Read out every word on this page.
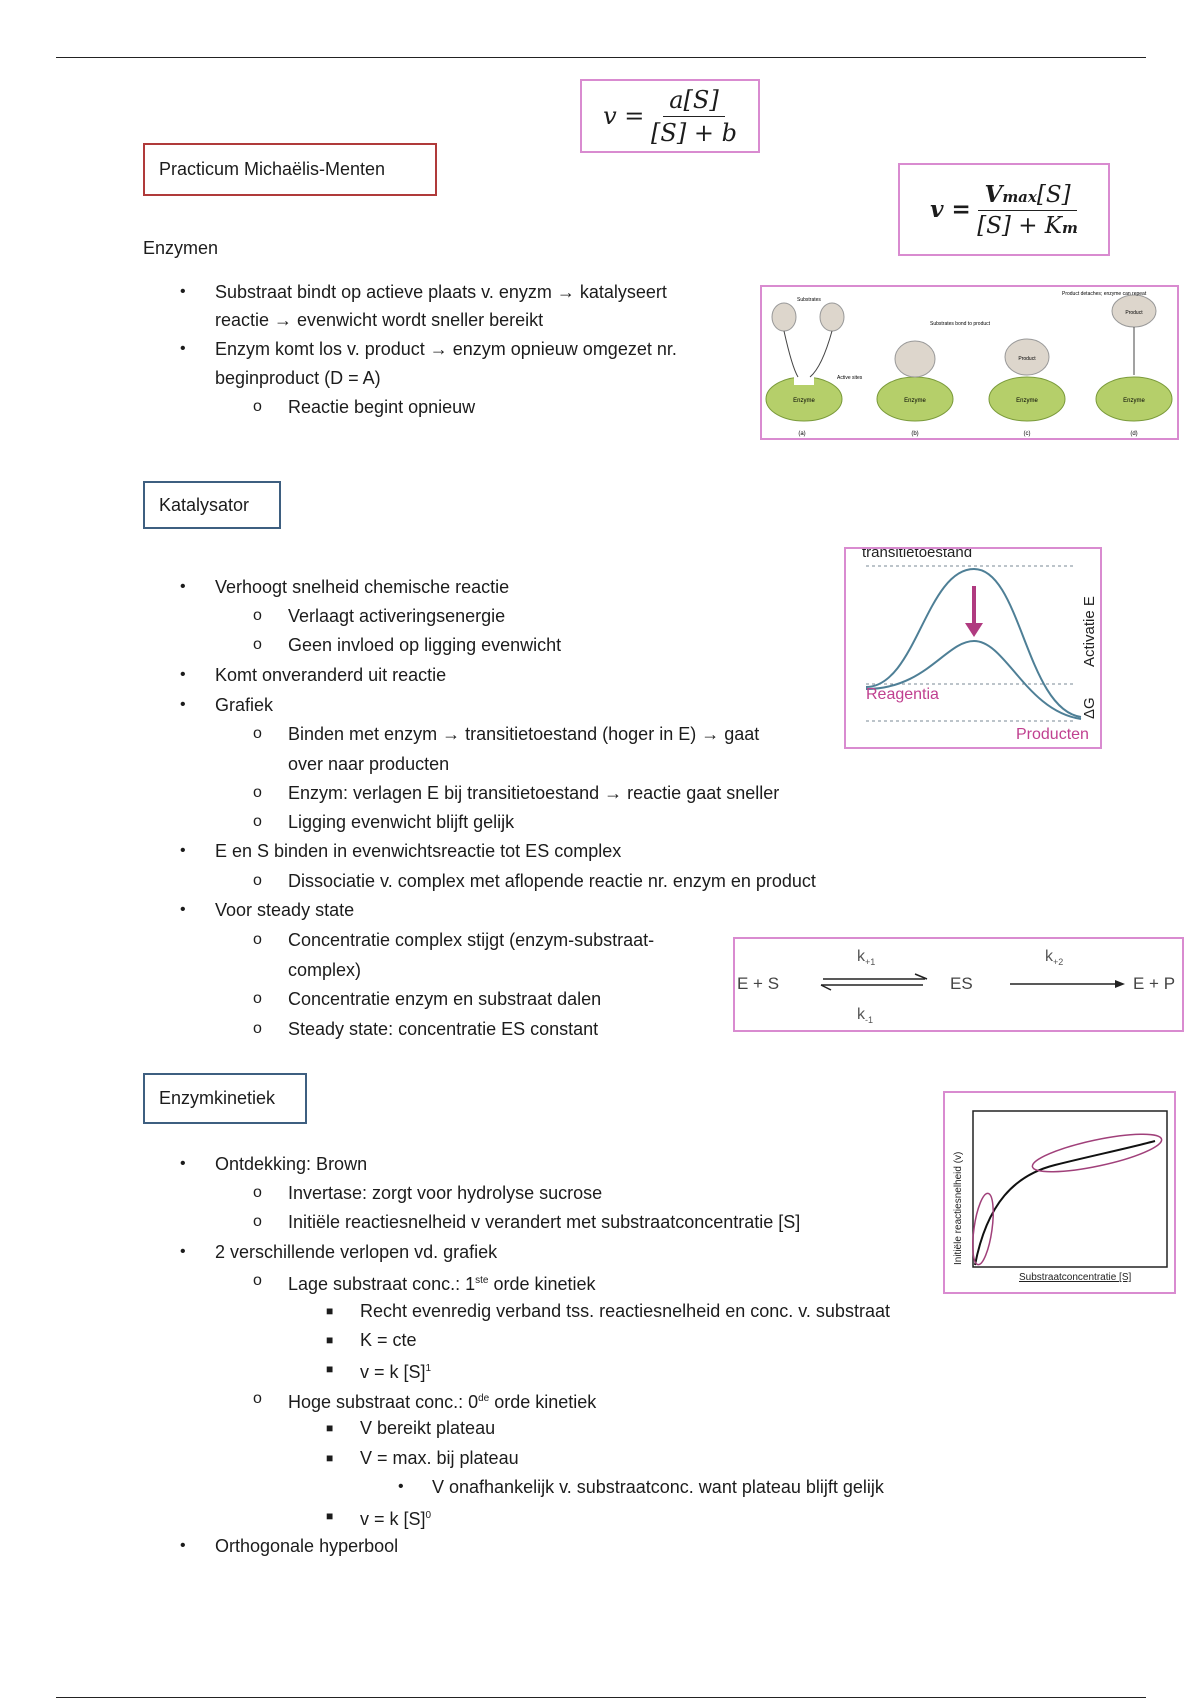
v =
$\frac{a[S]}{[S] + b}$
v =
$\frac{Vmax[S]}{[S] + Km}$
Practicum Michaëlis-Menten
Katalysator
Enzymkinetiek
Enzymen
• Substraat bindt op actieve plaats v. enyzm → katalyseert
reactie → evenwicht wordt sneller bereikt
• Enzym komt los v. product → enzym opnieuw omgezet nr.
beginproduct (D = A)
o Reactie begint opnieuw	Enzyme
Substrates
Active sites
(a)
Enzyme
Substrates bond to product
(b)
Enzyme
Product
(c)
Enzyme
Product
Product detaches; enzyme can repeat
(d)
• Verhoogt snelheid chemische reactie
o Verlaagt activeringsenergie
o Geen invloed op ligging evenwicht
• Komt onveranderd uit reactie
• Grafiek
o Binden met enzym → transitietoestand (hoger in E) → gaat
over naar producten
o Enzym: verlagen E bij transitietoestand → reactie gaat sneller
o Ligging evenwicht blijft gelijk
• E en S binden in evenwichtsreactie tot ES complex
o Dissociatie v. complex met aflopende reactie nr. enzym en product
• Voor steady state
o Concentratie complex stijgt (enzym-substraat-
complex)
o Concentratie enzym en substraat dalen
o Steady state: concentratie ES constant
transitietoestand
Reagentia
Producten
Activatie E
ΔG
E + S	ES	E + P
$k_{+1}$
$k_{-1}$
$k_{+2}$
Initiële reactiesnelheid (v)
Substraatconcentratie [S]
• Ontdekking: Brown
o Invertase: zorgt voor hydrolyse sucrose
o Initiële reactiesnelheid v verandert met substraatconcentratie [S]
• 2 verschillende verlopen vd. grafiek
o Lage substraat conc.: 1ste orde kinetiek
■ Recht evenredig verband tss. reactiesnelheid en conc. v. substraat
■ K = cte
■ v = k $[S]^1$
o Hoge substraat conc.: 0de orde kinetiek
■ V bereikt plateau
■ V = max. bij plateau
• V onafhankelijk v. substraatconc. want plateau blijft gelijk
■ v = k $[S]^0$
• Orthogonale hyperbool
